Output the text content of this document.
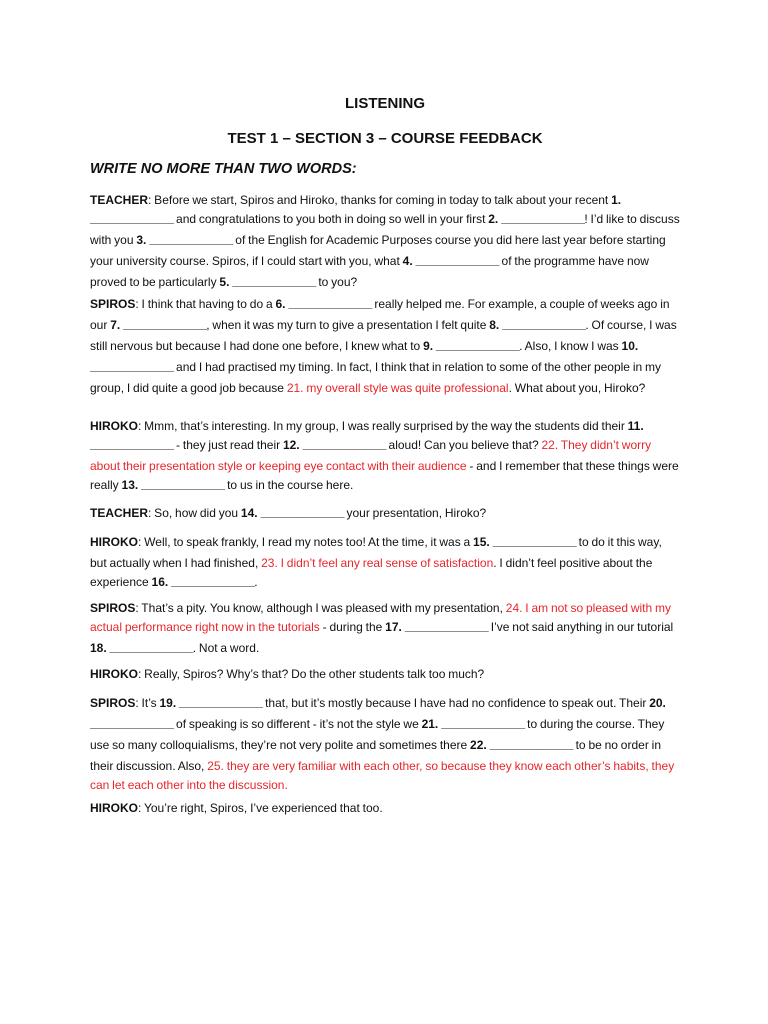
LISTENING
TEST 1 – SECTION 3 – COURSE FEEDBACK

WRITE NO MORE THAN TWO WORDS:

TEACHER: Before we start, Spiros and Hiroko, thanks for coming in today to talk about your recent 1. ________________ and congratulations to you both in doing so well in your first 2. ________________! I’d like to discuss with you 3. ________________ of the English for Academic Purposes course you did here last year before starting your university course. Spiros, if I could start with you, what 4. ________________ of the programme have now proved to be particularly 5. ________________ to you?

SPIROS: I think that having to do a 6. ________________ really helped me. For example, a couple of weeks ago in our 7. ________________, when it was my turn to give a presentation I felt quite 8. ________________. Of course, I was still nervous but because I had done one before, I knew what to 9. ________________. Also, I know I was 10. ________________ and I had practised my timing. In fact, I think that in relation to some of the other people in my group, I did quite a good job because 21. my overall style was quite professional. What about you, Hiroko?

HIROKO: Mmm, that’s interesting. In my group, I was really surprised by the way the students did their 11. ________________ - they just read their 12. ________________ aloud! Can you believe that? 22. They didn’t worry about their presentation style or keeping eye contact with their audience - and I remember that these things were really 13. ________________ to us in the course here.

TEACHER: So, how did you 14. ________________ your presentation, Hiroko?

HIROKO: Well, to speak frankly, I read my notes too! At the time, it was a 15. ________________ to do it this way, but actually when I had finished, 23. I didn’t feel any real sense of satisfaction. I didn’t feel positive about the experience 16. ________________.

SPIROS: That’s a pity. You know, although I was pleased with my presentation, 24. I am not so pleased with my actual performance right now in the tutorials - during the 17. ________________ I’ve not said anything in our tutorial 18. ________________. Not a word.

HIROKO: Really, Spiros? Why’s that? Do the other students talk too much?

SPIROS: It’s 19. ________________ that, but it’s mostly because I have had no confidence to speak out. Their 20. ________________ of speaking is so different - it’s not the style we 21. ________________ to during the course. They use so many colloquialisms, they’re not very polite and sometimes there 22. ________________ to be no order in their discussion. Also, 25. they are very familiar with each other, so because they know each other’s habits, they can let each other into the discussion.

HIROKO: You’re right, Spiros, I’ve experienced that too.
